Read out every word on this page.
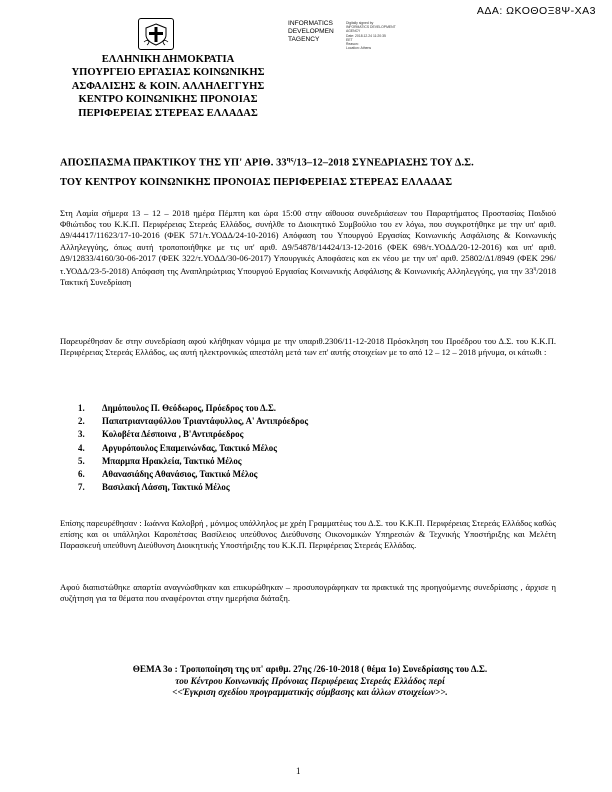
ΑΔΑ: ΩΚΟΘΟΞ8Ψ-ΧΑ3
INFORMATICS
DEVELOPMEN
TAGENCY
Digitally signed by
INFORMATICS DEVELOPMENT
AGENCY
Date: 2018.12.24 11:20:35
EET
Reason:
Location: Athens
ΕΛΛΗΝΙΚΗ ΔΗΜΟΚΡΑΤΙΑ
ΥΠΟΥΡΓΕΙΟ ΕΡΓΑΣΙΑΣ ΚΟΙΝΩΝΙΚΗΣ
ΑΣΦΑΛΙΣΗΣ & ΚΟΙΝ. ΑΛΛΗΛΕΓΓΥΗΣ
ΚΕΝΤΡΟ ΚΟΙΝΩΝΙΚΗΣ ΠΡΟΝΟΙΑΣ
ΠΕΡΙΦΕΡΕΙΑΣ ΣΤΕΡΕΑΣ ΕΛΛΑΔΑΣ
ΑΠΟΣΠΑΣΜΑ ΠΡΑΚΤΙΚΟΥ ΤΗΣ ΥΠ' ΑΡΙΘ. $33^{\eta\varsigma}/13-12-2018$ ΣΥΝΕΔΡΙΑΣΗΣ ΤΟΥ Δ.Σ.
ΤΟΥ ΚΕΝΤΡΟΥ ΚΟΙΝΩΝΙΚΗΣ ΠΡΟΝΟΙΑΣ ΠΕΡΙΦΕΡΕΙΑΣ ΣΤΕΡΕΑΣ ΕΛΛΑΔΑΣ
Στη Λαμία σήμερα 13 – 12 – 2018 ημέρα Πέμπτη και ώρα 15:00 στην αίθουσα συνεδριάσεων του Παραρτήματος Προστασίας Παιδιού Φθιώτιδος του Κ.Κ.Π. Περιφέρειας Στερεάς Ελλάδος, συνήλθε το Διοικητικό Συμβούλιο του εν λόγω, που συγκροτήθηκε με την υπ' αριθ. Δ9/44417/11623/17-10-2016 (ΦΕΚ 571/τ.ΥΟΔΔ/24-10-2016) Απόφαση του Υπουργού Εργασίας Κοινωνικής Ασφάλισης & Κοινωνικής Αλληλεγγύης, όπως αυτή τροποποιήθηκε με τις υπ' αριθ. Δ9/54878/14424/13-12-2016 (ΦΕΚ 698/τ.ΥΟΔΔ/20-12-2016) και υπ' αριθ. Δ9/12833/4160/30-06-2017 (ΦΕΚ 322/τ.ΥΟΔΔ/30-06-2017) Υπουργικές Αποφάσεις και εκ νέου με την υπ' αριθ. 25802/Δ1/8949 (ΦΕΚ 296/τ.ΥΟΔΔ/23-5-2018) Απόφαση της Αναπληρώτριας Υπουργού Εργασίας Κοινωνικής Ασφάλισης & Κοινωνικής Αλληλεγγύης, για την $33^\eta/2018$ Τακτική Συνεδρίαση
Παρευρέθησαν δε στην συνεδρίαση αφού κλήθηκαν νόμιμα με την υπαριθ.2306/11-12-2018 Πρόσκληση του Προέδρου του Δ.Σ. του Κ.Κ.Π. Περιφέρειας Στερεάς Ελλάδος, ως αυτή ηλεκτρονικώς απεστάλη μετά των επ' αυτής στοιχείων με το από 12 – 12 – 2018 μήνυμα, οι κάτωθι :
1.	Δημόπουλος Π. Θεόδωρος, Πρόεδρος του Δ.Σ.
2.	Παπατριανταφύλλου Τριαντάφυλλος, Α' Αντιπρόεδρος
3.	Κολοβέτα Δέσποινα , Β'Αντιπρόεδρος
4.	Αργυρόπουλος Επαμεινώνδας, Τακτικό Μέλος
5.	Μπαρμπα Ηρακλεία, Τακτικό Μέλος
6.	Αθανασιάδης Αθανάσιος, Τακτικό Μέλος
7.	Βασιλακή Λάσση, Τακτικό Μέλος
Επίσης παρευρέθησαν : Ιωάννα Καλοβρή , μόνιμος υπάλληλος με χρέη Γραμματέως του Δ.Σ. του Κ.Κ.Π. Περιφέρειας Στερεάς Ελλάδος καθώς επίσης και οι υπάλληλοι Καροπέτσας Βασίλειος υπεύθυνος Διεύθυνσης Οικονομικών Υπηρεσιών & Τεχνικής Υποστήριξης και Μελέτη Παρασκευή υπεύθυνη Διεύθυνση Διοικητικής Υποστήριξης του Κ.Κ.Π. Περιφέρειας Στερεάς Ελλάδας.
Αφού διαπιστώθηκε απαρτία αναγνώσθηκαν και επικυρώθηκαν – προσυπογράφηκαν τα πρακτικά της προηγούμενης συνεδρίασης , άρχισε η συζήτηση για τα θέματα που αναφέρονται στην ημερήσια διάταξη.
ΘΕΜΑ 3ο : Τροποποίηση της υπ' αριθμ. 27ης /26-10-2018 ( θέμα 1ο) Συνεδρίασης του Δ.Σ.
του Κέντρου Κοινωνικής Πρόνοιας Περιφέρειας Στερεάς Ελλάδος περί
<<Έγκριση σχεδίου προγραμματικής σύμβασης και άλλων στοιχείων>>.
1
